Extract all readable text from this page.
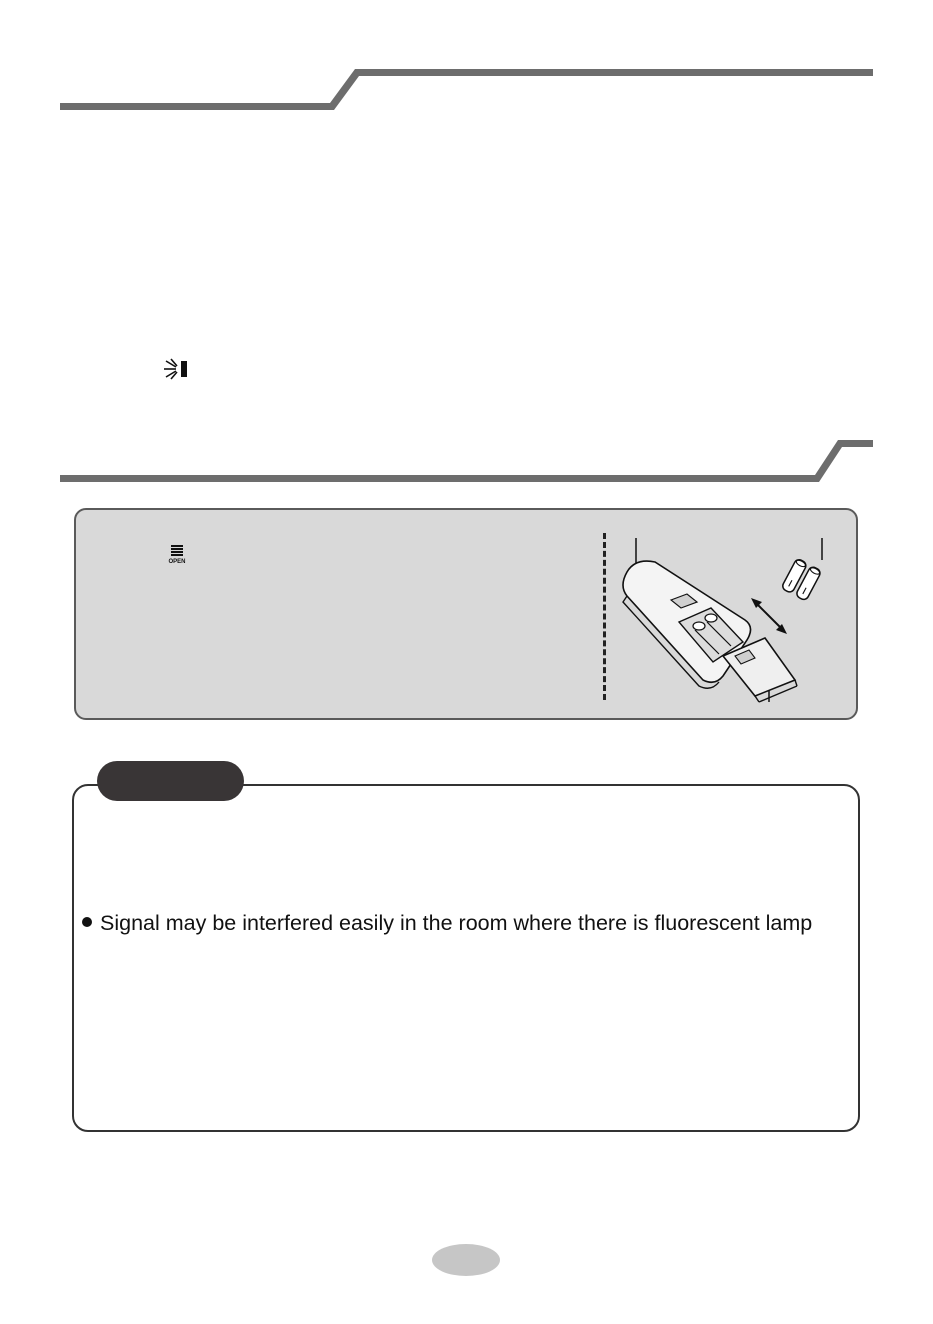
OPEN
Signal may be interfered easily in the room where there is fluorescent lamp
